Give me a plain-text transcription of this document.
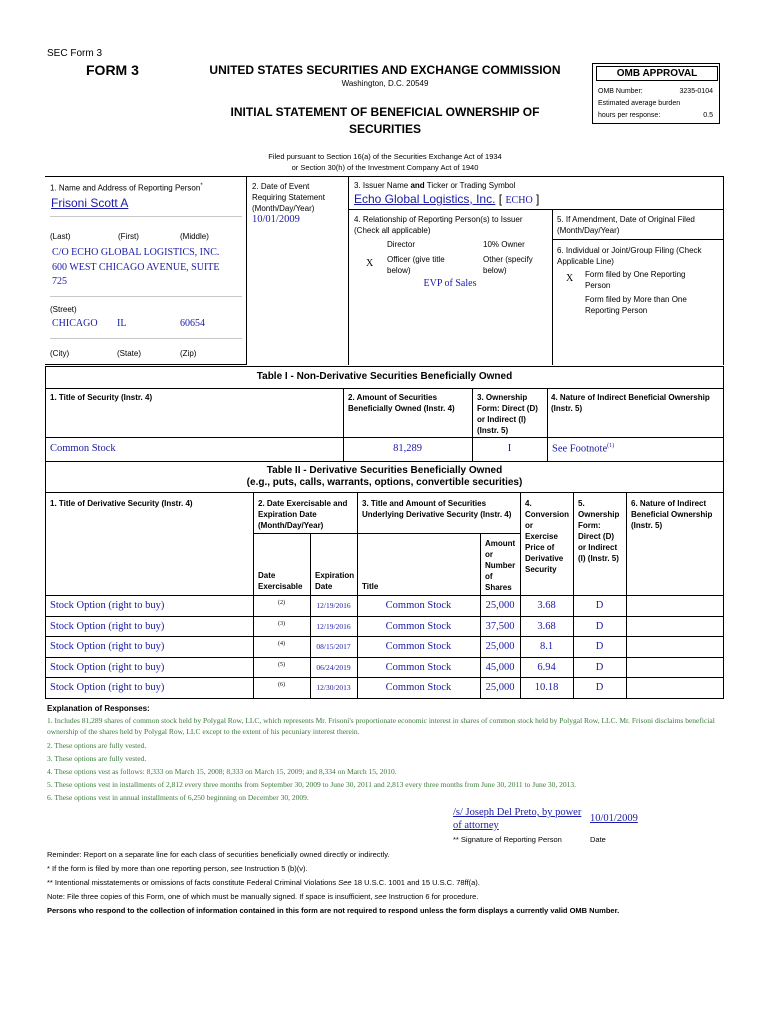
SEC Form 3
FORM 3	UNITED STATES SECURITIES AND EXCHANGE COMMISSION
Washington, D.C. 20549
INITIAL STATEMENT OF BENEFICIAL OWNERSHIP OF
SECURITIES
OMB APPROVAL
OMB Number:	3235-0104
Estimated average burden
hours per response:	0.5
Filed pursuant to Section 16(a) of the Securities Exchange Act of 1934
or Section 30(h) of the Investment Company Act of 1940
1. Name and Address of Reporting Person*
Frisoni Scott A
(Last)	(First)	(Middle)
C/O ECHO GLOBAL LOGISTICS, INC.
600 WEST CHICAGO AVENUE, SUITE
725
(Street)
CHICAGO IL	60654
(City)	(State)	(Zip)
2. Date of Event
Requiring Statement
(Month/Day/Year)
10/01/2009
3. Issuer Name and Ticker or Trading Symbol
Echo Global Logistics, Inc. [ ECHO ]
4. Relationship of Reporting Person(s) to Issuer
(Check all applicable)
Director	10% Owner
X Officer (give title
below)
Other (specify
below)
EVP of Sales
5. If Amendment, Date of Original Filed
(Month/Day/Year)
6. Individual or Joint/Group Filing (Check
Applicable Line)
X Form filed by One Reporting
Person
Form filed by More than One
Reporting Person
Table I - Non-Derivative Securities Beneficially Owned
1. Title of Security (Instr. 4)	2. Amount of Securities
Beneficially Owned (Instr. 4)
3. Ownership
Form: Direct (D)
or Indirect (I)
(Instr. 5)
4. Nature of Indirect Beneficial Ownership
(Instr. 5)
Common Stock	81,289	I	See Footnote$^{(1)}$
Table II - Derivative Securities Beneficially Owned
(e.g., puts, calls, warrants, options, convertible securities)
1. Title of Derivative Security (Instr. 4)	2. Date Exercisable and
Expiration Date
(Month/Day/Year)
Date
Exercisable
Expiration
Date
3. Title and Amount of Securities
Underlying Derivative Security (Instr. 4)
Title
Amount
or
Number
of
Shares
4.
Conversion
or
Exercise
Price of
Derivative
Security
5.
Ownership
Form:
Direct (D)
or Indirect
(I) (Instr. 5)
6. Nature of Indirect
Beneficial Ownership
(Instr. 5)
Stock Option (right to buy)	(2)	12/19/2016	Common Stock	25,000	3.68	D
Stock Option (right to buy)	(3)	12/19/2016	Common Stock	37,500	3.68	D
Stock Option (right to buy)	(4)	08/15/2017	Common Stock	25,000	8.1	D
Stock Option (right to buy)	(5)	06/24/2019	Common Stock	45,000	6.94	D
Stock Option (right to buy)	(6)	12/30/2013	Common Stock	25,000	10.18	D
Explanation of Responses:
1. Includes 81,289 shares of common stock held by Polygal Row, LLC, which represents Mr. Frisoni's proportionate economic interest in shares of common stock held by Polygal Row, LLC. Mr. Frisoni disclaims beneficial ownership of the shares held by Polygal Row, LLC except to the extent of his pecuniary interest therein.
2. These options are fully vested.
3. These options are fully vested.
4. These options vest as follows: 8,333 on March 15, 2008; 8,333 on March 15, 2009; and 8,334 on March 15, 2010.
5. These options vest in installments of 2,812 every three months from September 30, 2009 to June 30, 2011 and 2,813 every three months from June 30, 2011 to June 30, 2013.
6. These options vest in annual installments of 6,250 beginning on December 30, 2009.
/s/ Joseph Del Preto, by power
of attorney
10/01/2009
** Signature of Reporting Person	Date
Reminder: Report on a separate line for each class of securities beneficially owned directly or indirectly.
* If the form is filed by more than one reporting person, see Instruction 5 (b)(v).
** Intentional misstatements or omissions of facts constitute Federal Criminal Violations See 18 U.S.C. 1001 and 15 U.S.C. 78ff(a).
Note: File three copies of this Form, one of which must be manually signed. If space is insufficient, see Instruction 6 for procedure.
Persons who respond to the collection of information contained in this form are not required to respond unless the form displays a currently valid OMB Number.
